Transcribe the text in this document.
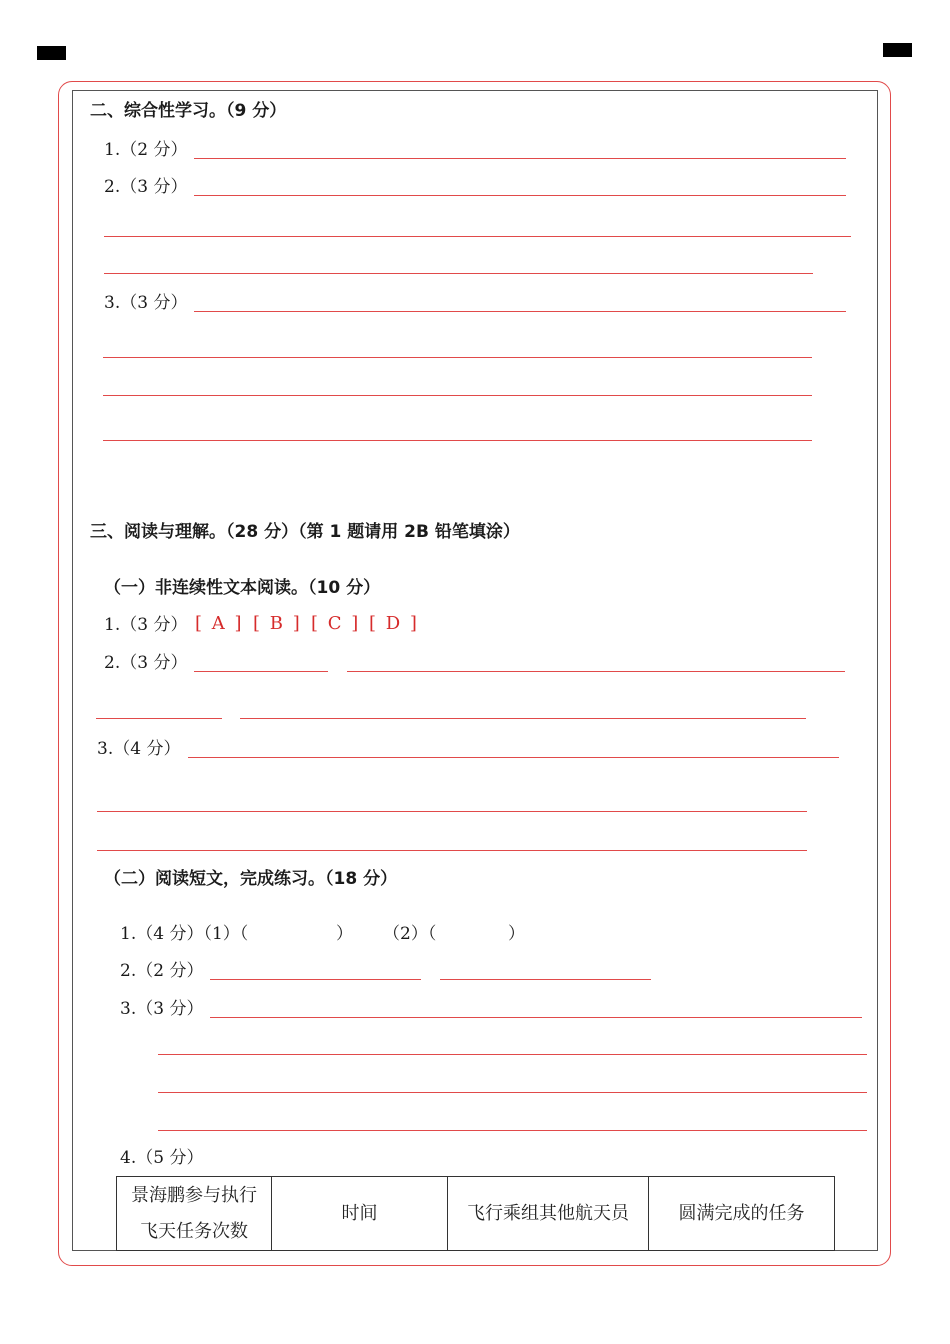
二、综合性学习。（9 分）
1.（2 分）
2.（3 分）
3.（3 分）
三、阅读与理解。（28 分）（第 1 题请用 2B 铅笔填涂）
（一）非连续性文本阅读。（10 分）
1.（3 分） [ A ] [ B ] [ C ] [ D ]
2.（3 分）
3.（4 分）
（二）阅读短文，完成练习。（18 分）
1.（4 分）（1）（	） （2）（	）
2.（2 分）
3.（3 分）
4.（5 分）
景海鹏参与执行
飞天任务次数
	时间	飞行乘组其他航天员	圆满完成的任务
